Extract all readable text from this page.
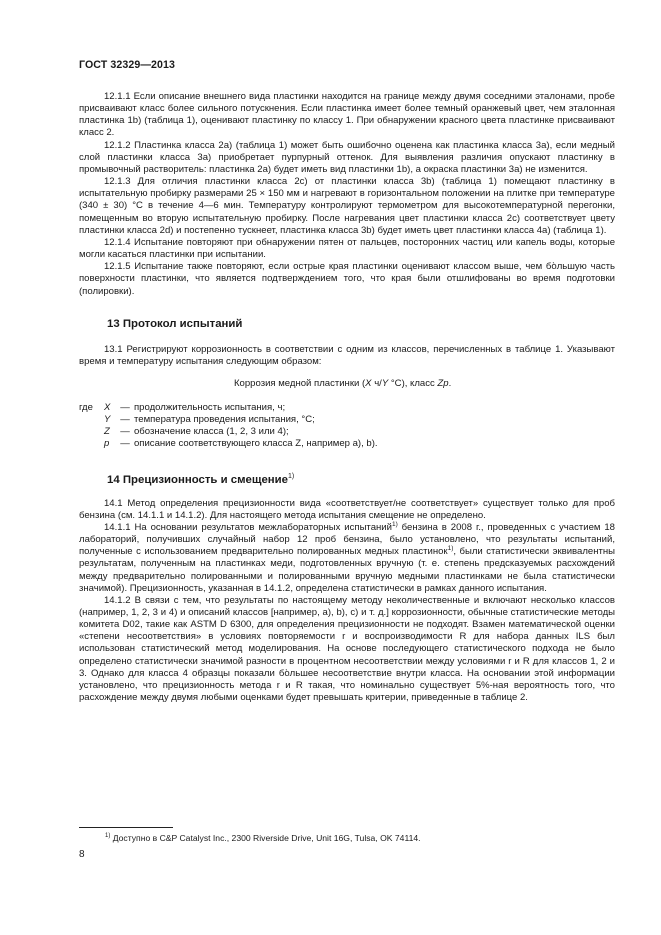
ГОСТ 32329—2013

12.1.1 Если описание внешнего вида пластинки находится на границе между двумя соседними эталонами, пробе присваивают класс более сильного потускнения. Если пластинка имеет более темный оранжевый цвет, чем эталонная пластинка 1b) (таблица 1), оценивают пластинку по классу 1. При обнаружении красного цвета пластинке присваивают класс 2.

12.1.2 Пластинка класса 2а) (таблица 1) может быть ошибочно оценена как пластинка класса 3а), если медный слой пластинки класса 3а) приобретает пурпурный оттенок. Для выявления различия опускают пластинку в промывочный растворитель: пластинка 2а) будет иметь вид пластинки 1b), а окраска пластинки 3а) не изменится.

12.1.3 Для отличия пластинки класса 2с) от пластинки класса 3b) (таблица 1) помещают пластинку в испытательную пробирку размерами 25 × 150 мм и нагревают в горизонтальном положении на плитке при температуре (340 ± 30) °С в течение 4—6 мин. Температуру контролируют термометром для высокотемпературной перегонки, помещенным во вторую испытательную пробирку. После нагревания цвет пластинки класса 2с) соответствует цвету пластинки класса 2d) и постепенно тускнеет, пластинка класса 3b) будет иметь цвет пластинки класса 4а) (таблица 1).

12.1.4 Испытание повторяют при обнаружении пятен от пальцев, посторонних частиц или капель воды, которые могли касаться пластинки при испытании.

12.1.5 Испытание также повторяют, если острые края пластинки оценивают классом выше, чем бо̀льшую часть поверхности пластинки, что является подтверждением того, что края были отшлифованы во время подготовки (полировки).

13 Протокол испытаний

13.1 Регистрируют коррозионность в соответствии с одним из классов, перечисленных в таблице 1. Указывают время и температуру испытания следующим образом:

Коррозия медной пластинки (X ч/Y °С), класс Zp.
где	X	— продолжительность испытания, ч;
Y	— температура проведения испытания, °С;
Z	— обозначение класса (1, 2, 3 или 4);
p	— описание соответствующего класса Z, например а), b).
14 Прецизионность и смещение$^{1)}$

14.1 Метод определения прецизионности вида «соответствует/не соответствует» существует только для проб бензина (см. 14.1.1 и 14.1.2). Для настоящего метода испытания смещение не определено.

14.1.1 На основании результатов межлабораторных испытаний$^{1)}$ бензина в 2008 г., проведенных с участием 18 лабораторий, получивших случайный набор 12 проб бензина, было установлено, что результаты испытаний, полученные с использованием предварительно полированных медных пластинок$^{1)}$, были статистически эквивалентны результатам, полученным на пластинках меди, подготовленных вручную (т. е. степень предсказуемых расхождений между предварительно полированными и полированными вручную медными пластинками не была статистически значимой). Прецизионность, указанная в 14.1.2, определена статистически в рамках данного испытания.

14.1.2 В связи с тем, что результаты по настоящему методу неколичественные и включают несколько классов (например, 1, 2, 3 и 4) и описаний классов [например, а), b), с) и т. д.] коррозионности, обычные статистические методы комитета D02, такие как ASTM D 6300, для определения прецизионности не подходят. Взамен математической оценки «степени несоответствия» в условиях повторяемости r и воспроизводимости R для набора данных ILS был использован статистический метод моделирования. На основе последующего статистического подхода не было определено статистически значимой разности в процентном несоответствии между условиями r и R для классов 1, 2 и 3. Однако для класса 4 образцы показали бо̀льшее несоответствие внутри класса. На основании этой информации установлено, что прецизионность метода r и R такая, что номинально существует 5%-ная вероятность того, что расхождение между двумя любыми оценками будет превышать критерии, приведенные в таблице 2.

$^{1)}$ Доступно в C&P Catalyst Inc., 2300 Riverside Drive, Unit 16G, Tulsa, OK 74114.
8
